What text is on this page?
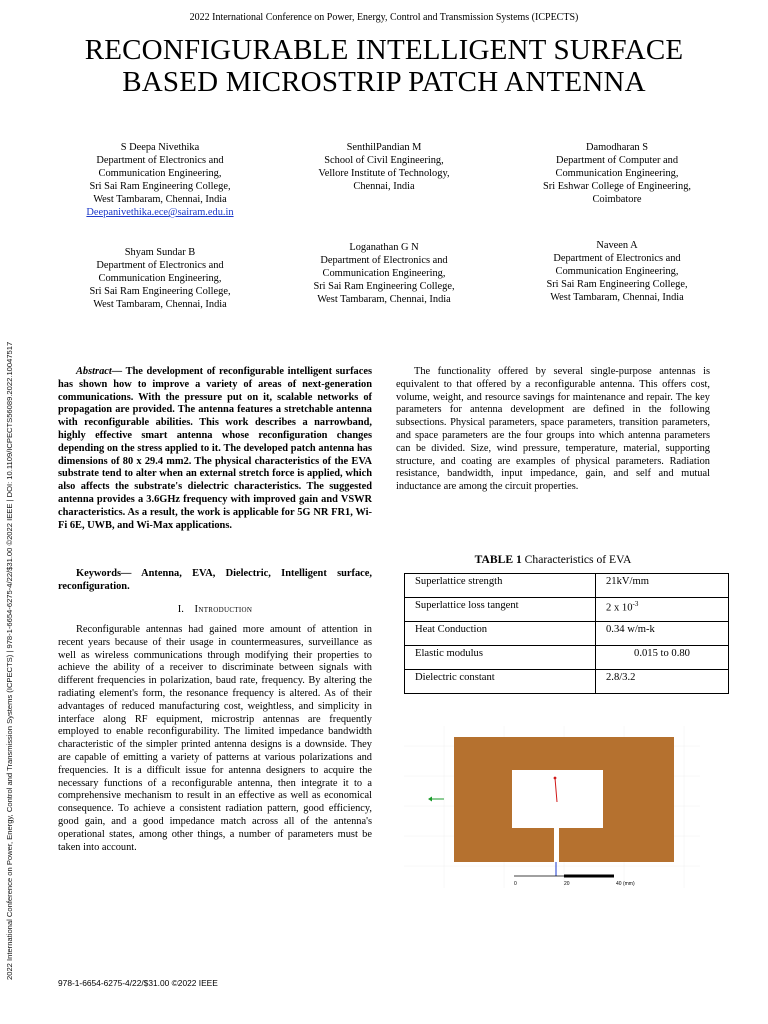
2022 International Conference on Power, Energy, Control and Transmission Systems (ICPECTS) | 978-1-6654-6275-4/22/$31.00 ©2022 IEEE | DOI: 10.1109/ICPECTS56089.2022.10047517
2022 International Conference on Power, Energy, Control and Transmission Systems (ICPECTS)
RECONFIGURABLE INTELLIGENT SURFACE
BASED MICROSTRIP PATCH ANTENNA
S Deepa Nivethika
Department of Electronics and
Communication Engineering,
Sri Sai Ram Engineering College,
West Tambaram, Chennai, India
Deepanivethika.ece@sairam.edu.in
SenthilPandian M
School of Civil Engineering,
Vellore Institute of Technology,
Chennai, India
Damodharan S
Department of Computer and
Communication Engineering,
Sri Eshwar College of Engineering,
Coimbatore
Shyam Sundar B
Department of Electronics and
Communication Engineering,
Sri Sai Ram Engineering College,
West Tambaram, Chennai, India
Loganathan G N
Department of Electronics and
Communication Engineering,
Sri Sai Ram Engineering College,
West Tambaram, Chennai, India
Naveen A
Department of Electronics and
Communication Engineering,
Sri Sai Ram Engineering College,
West Tambaram, Chennai, India

Abstract— The development of reconfigurable intelligent surfaces has shown how to improve a variety of areas of next-generation communications. With the pressure put on it, scalable networks of propagation are provided. The antenna features a stretchable antenna with reconfigurable abilities. This work describes a narrowband, highly effective smart antenna whose reconfiguration changes depending on the stress applied to it. The developed patch antenna has dimensions of 80 x 29.4 mm2. The physical characteristics of the EVA substrate tend to alter when an external stretch force is applied, which also affects the substrate's dielectric characteristics. The suggested antenna provides a 3.6GHz frequency with improved gain and VSWR characteristics. As a result, the work is applicable for 5G NR FR1, Wi-Fi 6E, UWB, and Wi-Max applications.

Keywords— Antenna, EVA, Dielectric, Intelligent surface, reconfiguration.

I. Introduction

Reconfigurable antennas had gained more amount of attention in recent years because of their usage in countermeasures, surveillance as well as wireless communications through modifying their properties to achieve the ability of a receiver to discriminate between signals with different frequencies in polarization, baud rate, frequency. By altering the radiating element's form, the resonance frequency is altered. As of their advantages of reduced manufacturing cost, weightless, and simplicity in interface along RF equipment, microstrip antennas are frequently employed to enable reconfigurability. The limited impedance bandwidth characteristic of the simpler printed antenna designs is a downside. They are capable of emitting a variety of patterns at various polarizations and frequencies. It is a difficult issue for antenna designers to acquire the necessary functions of a reconfigurable antenna, then integrate it to a comprehensive mechanism to result in an effective as well as economical consequence. To achieve a consistent radiation pattern, good efficiency, good gain, and a good impedance match across all of the antenna's operational states, among other things, a number of parameters must be taken into account.

The functionality offered by several single-purpose antennas is equivalent to that offered by a reconfigurable antenna. This offers cost, volume, weight, and resource savings for maintenance and repair. The key parameters for antenna development are defined in the following subsections. Physical parameters, space parameters, transition parameters, and space parameters are the four groups into which antenna parameters can be divided. Size, wind pressure, temperature, material, supporting structure, and coating are examples of physical parameters. Radiation resistance, bandwidth, input impedance, gain, and self and mutual inductance are among the circuit properties.

TABLE 1 Characteristics of EVA
Superlattice strength	21kV/mm
Superlattice loss tangent	2 x $10^{-3}$
Heat Conduction	0.34 w/m-k
Elastic modulus	0.015 to 0.80
Dielectric constant	2.8/3.2
0	20	40 (mm)
978-1-6654-6275-4/22/$31.00 ©2022 IEEE
